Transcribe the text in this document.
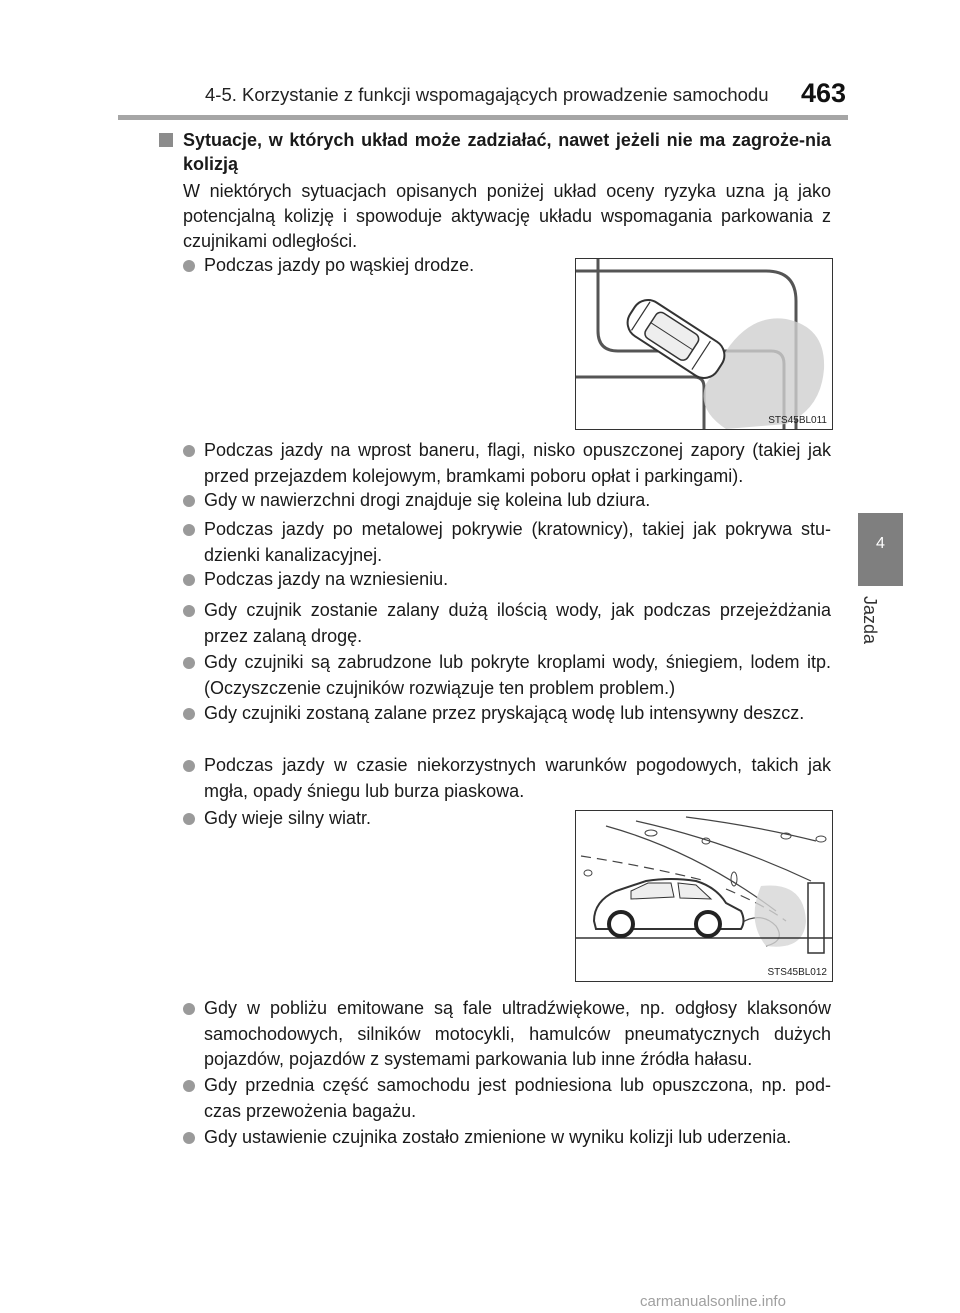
4-5. Korzystanie z funkcji wspomagających prowadzenie samochodu 463
4
Jazda
Sytuacje, w których układ może zadziałać, nawet jeżeli nie ma zagroże-nia kolizją
W niektórych sytuacjach opisanych poniżej układ oceny ryzyka uzna ją jako potencjalną kolizję i spowoduje aktywację układu wspomagania parkowania z czujnikami odległości.
Podczas jazdy po wąskiej drodze.
Podczas jazdy na wprost baneru, flagi, nisko opuszczonej zapory (takiej jak przed przejazdem kolejowym, bramkami poboru opłat i parkingami).
Gdy w nawierzchni drogi znajduje się koleina lub dziura.
Podczas jazdy po metalowej pokrywie (kratownicy), takiej jak pokrywa stu-dzienki kanalizacyjnej.
Podczas jazdy na wzniesieniu.
Gdy czujnik zostanie zalany dużą ilością wody, jak podczas przejeżdżania przez zalaną drogę.
Gdy czujniki są zabrudzone lub pokryte kroplami wody, śniegiem, lodem itp. (Oczyszczenie czujników rozwiązuje ten problem problem.)
Gdy czujniki zostaną zalane przez pryskającą wodę lub intensywny deszcz.
Podczas jazdy w czasie niekorzystnych warunków pogodowych, takich jak mgła, opady śniegu lub burza piaskowa.
Gdy wieje silny wiatr.
Gdy w pobliżu emitowane są fale ultradźwiękowe, np. odgłosy klaksonów samochodowych, silników motocykli, hamulców pneumatycznych dużych pojazdów, pojazdów z systemami parkowania lub inne źródła hałasu.
Gdy przednia część samochodu jest podniesiona lub opuszczona, np. pod-czas przewożenia bagażu.
Gdy ustawienie czujnika zostało zmienione w wyniku kolizji lub uderzenia.
STS45BL011
STS45BL012
carmanualsonline.info
